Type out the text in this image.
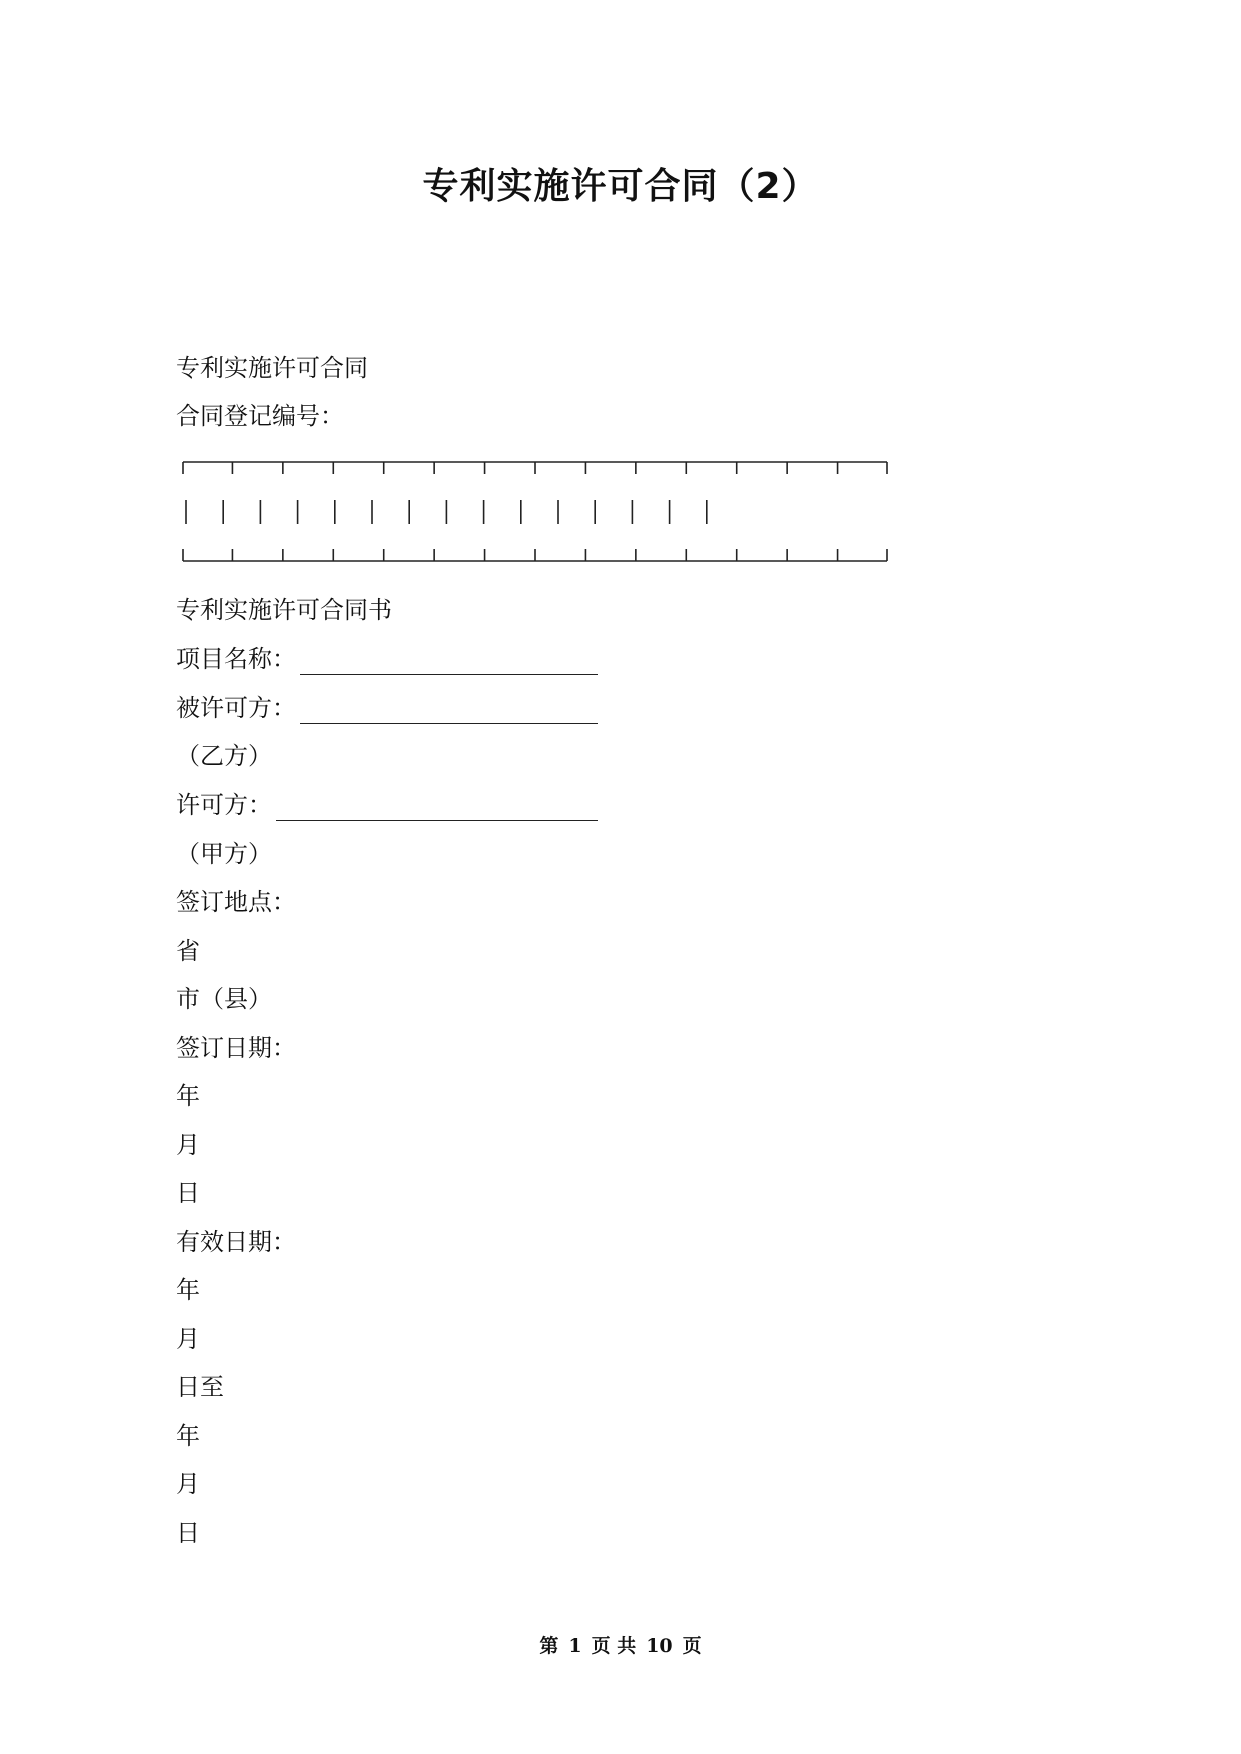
专利实施许可合同（2）
专利实施许可合同
合同登记编号：
专利实施许可合同书
项目名称：
被许可方：
（乙方）
许可方：
（甲方）
签订地点：
省
市（县）
签订日期：
年
月
日
有效日期：
年
月
日至
年
月
日
第 1 页 共 10 页
